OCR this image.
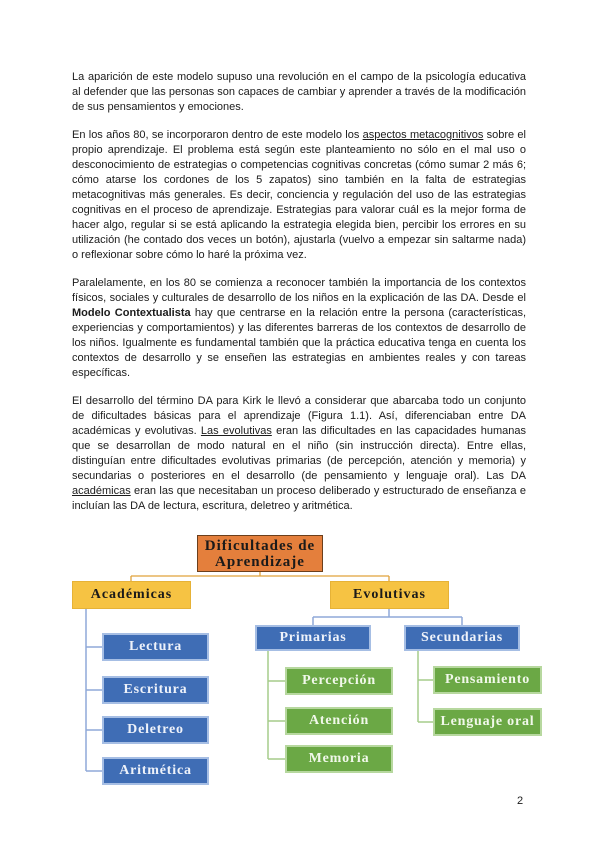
La aparición de este modelo supuso una revolución en el campo de la psicología educativa al defender que las personas son capaces de cambiar y aprender a través de la modificación de sus pensamientos y emociones.

En los años 80, se incorporaron dentro de este modelo los aspectos metacognitivos sobre el propio aprendizaje. El problema está según este planteamiento no sólo en el mal uso o desconocimiento de estrategias o competencias cognitivas concretas (cómo sumar 2 más 6; cómo atarse los cordones de los 5 zapatos) sino también en la falta de estrategias metacognitivas más generales. Es decir, conciencia y regulación del uso de las estrategias cognitivas en el proceso de aprendizaje. Estrategias para valorar cuál es la mejor forma de hacer algo, regular si se está aplicando la estrategia elegida bien, percibir los errores en su utilización (he contado dos veces un botón), ajustarla (vuelvo a empezar sin saltarme nada) o reflexionar sobre cómo lo haré la próxima vez.

Paralelamente, en los 80 se comienza a reconocer también la importancia de los contextos físicos, sociales y culturales de desarrollo de los niños en la explicación de las DA. Desde el Modelo Contextualista hay que centrarse en la relación entre la persona (características, experiencias y comportamientos) y las diferentes barreras de los contextos de desarrollo de los niños. Igualmente es fundamental también que la práctica educativa tenga en cuenta los contextos de desarrollo y se enseñen las estrategias en ambientes reales y con tareas específicas.

El desarrollo del término DA para Kirk le llevó a considerar que abarcaba todo un conjunto de dificultades básicas para el aprendizaje (Figura 1.1). Así, diferenciaban entre DA académicas y evolutivas. Las evolutivas eran las dificultades en las capacidades humanas que se desarrollan de modo natural en el niño (sin instrucción directa). Entre ellas, distinguían entre dificultades evolutivas primarias (de percepción, atención y memoria) y secundarias o posteriores en el desarrollo (de pensamiento y lenguaje oral). Las DA académicas eran las que necesitaban un proceso deliberado y estructurado de enseñanza e incluían las DA de lectura, escritura, deletreo y aritmética.

Dificultades de Aprendizaje
Académicas	Evolutivas
Lectura
Escritura
Deletreo
Aritmética
Primarias	Secundarias
Percepción
Atención
Memoria
Pensamiento
Lenguaje oral
2
